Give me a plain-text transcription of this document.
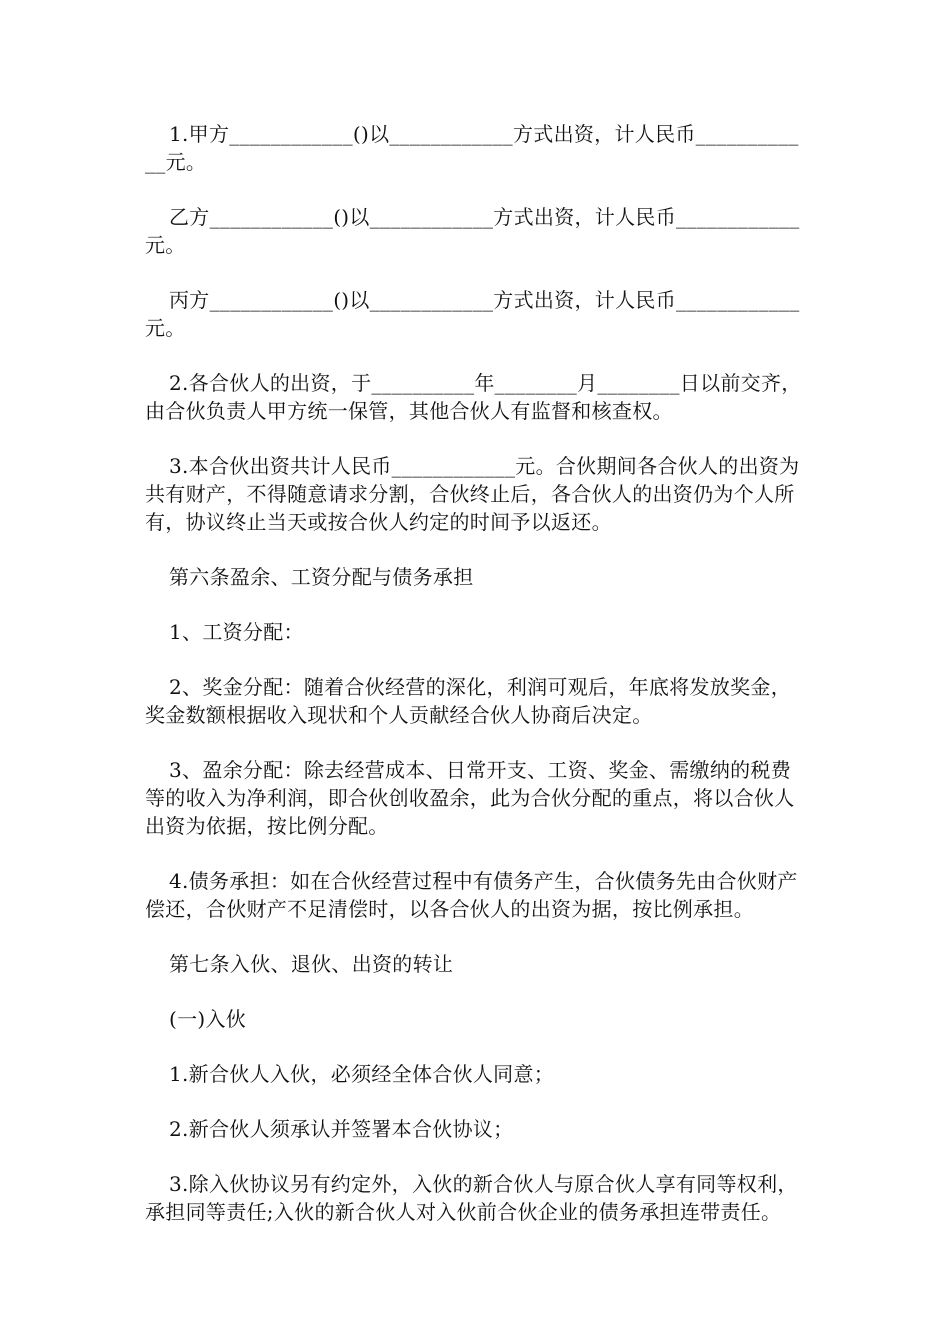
1.甲方____________()以____________方式出资，计人民币____________元。

乙方____________()以____________方式出资，计人民币____________元。

丙方____________()以____________方式出资，计人民币____________元。

2.各合伙人的出资，于__________年________月________日以前交齐，由合伙负责人甲方统一保管，其他合伙人有监督和核查权。

3.本合伙出资共计人民币____________元。合伙期间各合伙人的出资为共有财产，不得随意请求分割，合伙终止后，各合伙人的出资仍为个人所有，协议终止当天或按合伙人约定的时间予以返还。

第六条盈余、工资分配与债务承担

1、工资分配：

2、奖金分配：随着合伙经营的深化，利润可观后，年底将发放奖金，奖金数额根据收入现状和个人贡献经合伙人协商后决定。

3、盈余分配：除去经营成本、日常开支、工资、奖金、需缴纳的税费等的收入为净利润，即合伙创收盈余，此为合伙分配的重点，将以合伙人出资为依据，按比例分配。

4.债务承担：如在合伙经营过程中有债务产生，合伙债务先由合伙财产偿还，合伙财产不足清偿时，以各合伙人的出资为据，按比例承担。

第七条入伙、退伙、出资的转让

(一)入伙

1.新合伙人入伙，必须经全体合伙人同意；

2.新合伙人须承认并签署本合伙协议；

3.除入伙协议另有约定外，入伙的新合伙人与原合伙人享有同等权利，承担同等责任;入伙的新合伙人对入伙前合伙企业的债务承担连带责任。
